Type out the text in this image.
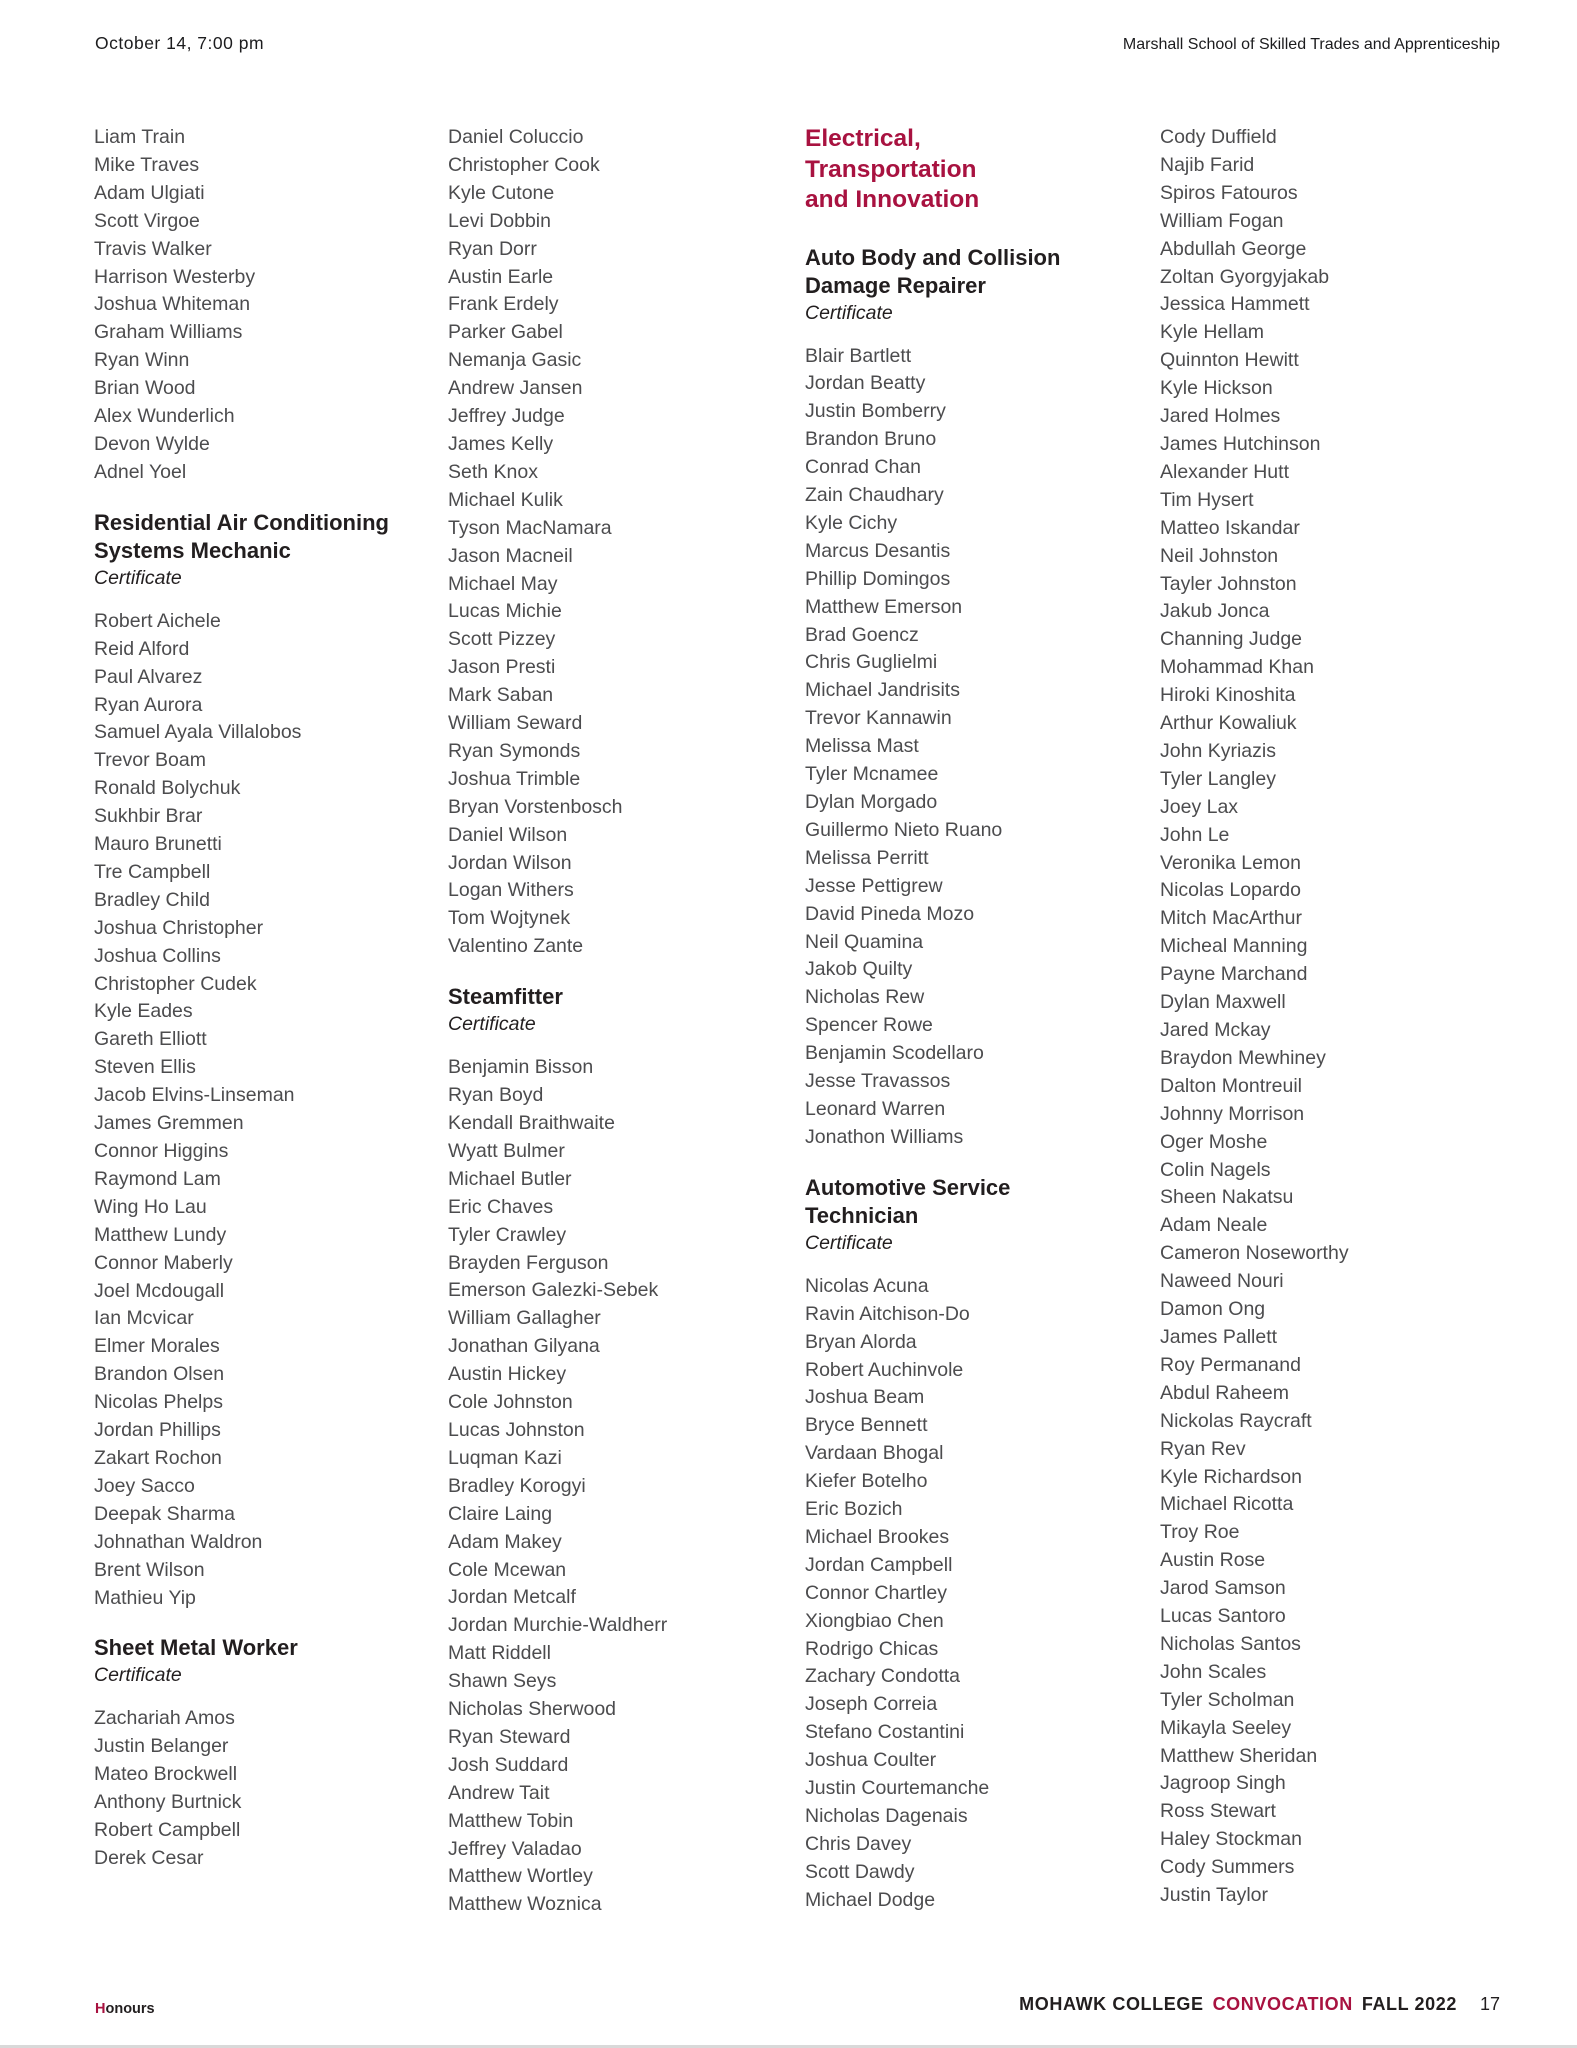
October 14, 7:00 pm	Marshall School of Skilled Trades and Apprenticeship
Liam Train
Mike Traves
Adam Ulgiati
Scott Virgoe
Travis Walker
Harrison Westerby
Joshua Whiteman
Graham Williams
Ryan Winn
Brian Wood
Alex Wunderlich
Devon Wylde
Adnel Yoel
Residential Air Conditioning
Systems Mechanic
Certificate
Robert Aichele
Reid Alford
Paul Alvarez
Ryan Aurora
Samuel Ayala Villalobos
Trevor Boam
Ronald Bolychuk
Sukhbir Brar
Mauro Brunetti
Tre Campbell
Bradley Child
Joshua Christopher
Joshua Collins
Christopher Cudek
Kyle Eades
Gareth Elliott
Steven Ellis
Jacob Elvins-Linseman
James Gremmen
Connor Higgins
Raymond Lam
Wing Ho Lau
Matthew Lundy
Connor Maberly
Joel Mcdougall
Ian Mcvicar
Elmer Morales
Brandon Olsen
Nicolas Phelps
Jordan Phillips
Zakart Rochon
Joey Sacco
Deepak Sharma
Johnathan Waldron
Brent Wilson
Mathieu Yip
Sheet Metal Worker
Certificate
Zachariah Amos
Justin Belanger
Mateo Brockwell
Anthony Burtnick
Robert Campbell
Derek Cesar
Daniel Coluccio
Christopher Cook
Kyle Cutone
Levi Dobbin
Ryan Dorr
Austin Earle
Frank Erdely
Parker Gabel
Nemanja Gasic
Andrew Jansen
Jeffrey Judge
James Kelly
Seth Knox
Michael Kulik
Tyson MacNamara
Jason Macneil
Michael May
Lucas Michie
Scott Pizzey
Jason Presti
Mark Saban
William Seward
Ryan Symonds
Joshua Trimble
Bryan Vorstenbosch
Daniel Wilson
Jordan Wilson
Logan Withers
Tom Wojtynek
Valentino Zante
Steamfitter
Certificate
Benjamin Bisson
Ryan Boyd
Kendall Braithwaite
Wyatt Bulmer
Michael Butler
Eric Chaves
Tyler Crawley
Brayden Ferguson
Emerson Galezki-Sebek
William Gallagher
Jonathan Gilyana
Austin Hickey
Cole Johnston
Lucas Johnston
Luqman Kazi
Bradley Korogyi
Claire Laing
Adam Makey
Cole Mcewan
Jordan Metcalf
Jordan Murchie-Waldherr
Matt Riddell
Shawn Seys
Nicholas Sherwood
Ryan Steward
Josh Suddard
Andrew Tait
Matthew Tobin
Jeffrey Valadao
Matthew Wortley
Matthew Woznica
Electrical,
Transportation
and Innovation
Auto Body and Collision
Damage Repairer
Certificate
Blair Bartlett
Jordan Beatty
Justin Bomberry
Brandon Bruno
Conrad Chan
Zain Chaudhary
Kyle Cichy
Marcus Desantis
Phillip Domingos
Matthew Emerson
Brad Goencz
Chris Guglielmi
Michael Jandrisits
Trevor Kannawin
Melissa Mast
Tyler Mcnamee
Dylan Morgado
Guillermo Nieto Ruano
Melissa Perritt
Jesse Pettigrew
David Pineda Mozo
Neil Quamina
Jakob Quilty
Nicholas Rew
Spencer Rowe
Benjamin Scodellaro
Jesse Travassos
Leonard Warren
Jonathon Williams
Automotive Service
Technician
Certificate
Nicolas Acuna
Ravin Aitchison-Do
Bryan Alorda
Robert Auchinvole
Joshua Beam
Bryce Bennett
Vardaan Bhogal
Kiefer Botelho
Eric Bozich
Michael Brookes
Jordan Campbell
Connor Chartley
Xiongbiao Chen
Rodrigo Chicas
Zachary Condotta
Joseph Correia
Stefano Costantini
Joshua Coulter
Justin Courtemanche
Nicholas Dagenais
Chris Davey
Scott Dawdy
Michael Dodge
Cody Duffield
Najib Farid
Spiros Fatouros
William Fogan
Abdullah George
Zoltan Gyorgyjakab
Jessica Hammett
Kyle Hellam
Quinnton Hewitt
Kyle Hickson
Jared Holmes
James Hutchinson
Alexander Hutt
Tim Hysert
Matteo Iskandar
Neil Johnston
Tayler Johnston
Jakub Jonca
Channing Judge
Mohammad Khan
Hiroki Kinoshita
Arthur Kowaliuk
John Kyriazis
Tyler Langley
Joey Lax
John Le
Veronika Lemon
Nicolas Lopardo
Mitch MacArthur
Micheal Manning
Payne Marchand
Dylan Maxwell
Jared Mckay
Braydon Mewhiney
Dalton Montreuil
Johnny Morrison
Oger Moshe
Colin Nagels
Sheen Nakatsu
Adam Neale
Cameron Noseworthy
Naweed Nouri
Damon Ong
James Pallett
Roy Permanand
Abdul Raheem
Nickolas Raycraft
Ryan Rev
Kyle Richardson
Michael Ricotta
Troy Roe
Austin Rose
Jarod Samson
Lucas Santoro
Nicholas Santos
John Scales
Tyler Scholman
Mikayla Seeley
Matthew Sheridan
Jagroop Singh
Ross Stewart
Haley Stockman
Cody Summers
Justin Taylor
Honours	MOHAWK COLLEGE CONVOCATION FALL 2022 17
